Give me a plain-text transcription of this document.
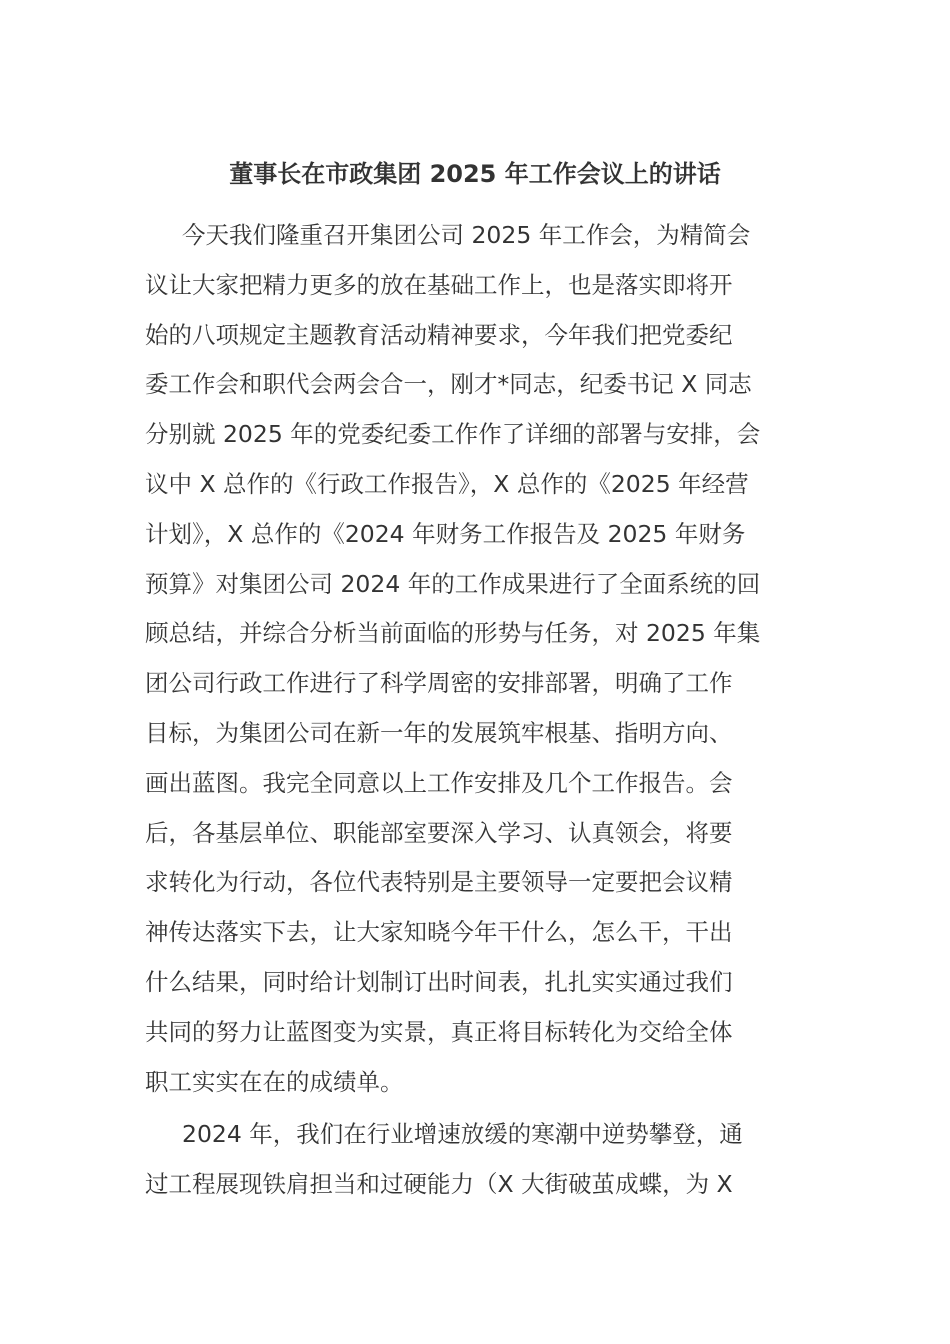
董事长在市政集团 2025 年工作会议上的讲话

今天我们隆重召开集团公司 2025 年工作会，为精简会
议让大家把精力更多的放在基础工作上，也是落实即将开
始的八项规定主题教育活动精神要求，今年我们把党委纪
委工作会和职代会两会合一，刚才*同志，纪委书记 X 同志
分别就 2025 年的党委纪委工作作了详细的部署与安排，会
议中 X 总作的《行政工作报告》，X 总作的《2025 年经营
计划》，X 总作的《2024 年财务工作报告及 2025 年财务
预算》对集团公司 2024 年的工作成果进行了全面系统的回
顾总结，并综合分析当前面临的形势与任务，对 2025 年集
团公司行政工作进行了科学周密的安排部署，明确了工作
目标，为集团公司在新一年的发展筑牢根基、指明方向、
画出蓝图。我完全同意以上工作安排及几个工作报告。会
后，各基层单位、职能部室要深入学习、认真领会，将要
求转化为行动，各位代表特别是主要领导一定要把会议精
神传达落实下去，让大家知晓今年干什么，怎么干，干出
什么结果，同时给计划制订出时间表，扎扎实实通过我们
共同的努力让蓝图变为实景，真正将目标转化为交给全体
职工实实在在的成绩单。

2024 年，我们在行业增速放缓的寒潮中逆势攀登，通
过工程展现铁肩担当和过硬能力（X 大街破茧成蝶，为 X
